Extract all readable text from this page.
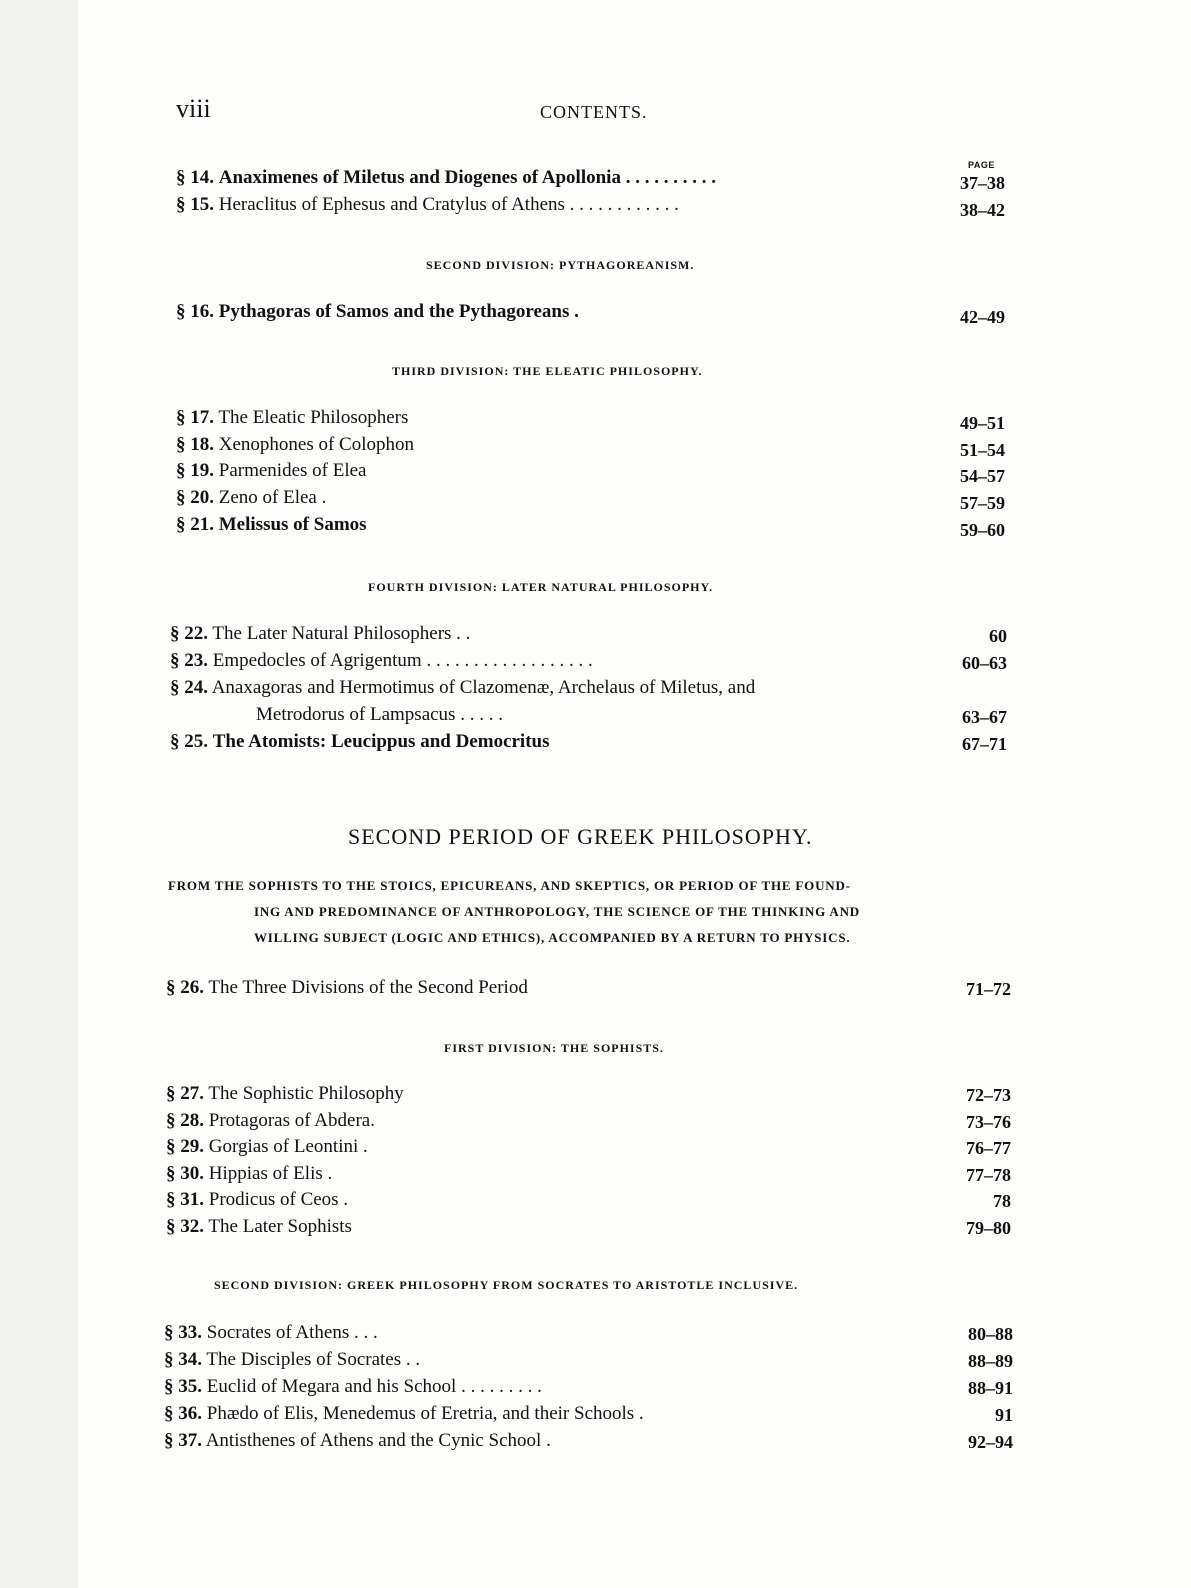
viii	CONTENTS.
PAGE
§ 14. Anaximenes of Miletus and Diogenes of Apollonia . . . . . . . . . .	37–38
§ 15. Heraclitus of Ephesus and Cratylus of Athens . . . . . . . . . . . .	38–42
SECOND DIVISION: PYTHAGOREANISM.
§ 16. Pythagoras of Samos and the Pythagoreans .	42–49
THIRD DIVISION: THE ELEATIC PHILOSOPHY.
§ 17. The Eleatic Philosophers	49–51
§ 18. Xenophones of Colophon	51–54
§ 19. Parmenides of Elea	54–57
§ 20. Zeno of Elea .	57–59
§ 21. Melissus of Samos	59–60
FOURTH DIVISION: LATER NATURAL PHILOSOPHY.
§ 22. The Later Natural Philosophers . .	60
§ 23. Empedocles of Agrigentum . . . . . . . . . . . . . . . . . .	60–63
§ 24. Anaxagoras and Hermotimus of Clazomenæ, Archelaus of Miletus, and
Metrodorus of Lampsacus . . . . .	63–67
§ 25. The Atomists: Leucippus and Democritus	67–71
SECOND PERIOD OF GREEK PHILOSOPHY.
FROM THE SOPHISTS TO THE STOICS, EPICUREANS, AND SKEPTICS, OR PERIOD OF THE FOUND-
ING AND PREDOMINANCE OF ANTHROPOLOGY, THE SCIENCE OF THE THINKING AND
WILLING SUBJECT (LOGIC AND ETHICS), ACCOMPANIED BY A RETURN TO PHYSICS.
§ 26. The Three Divisions of the Second Period	71–72
FIRST DIVISION: THE SOPHISTS.
§ 27. The Sophistic Philosophy	72–73
§ 28. Protagoras of Abdera.	73–76
§ 29. Gorgias of Leontini .	76–77
§ 30. Hippias of Elis .	77–78
§ 31. Prodicus of Ceos .	78
§ 32. The Later Sophists	79–80
SECOND DIVISION: GREEK PHILOSOPHY FROM SOCRATES TO ARISTOTLE INCLUSIVE.
§ 33. Socrates of Athens . . .	80–88
§ 34. The Disciples of Socrates . .	88–89
§ 35. Euclid of Megara and his School . . . . . . . . .	88–91
§ 36. Phædo of Elis, Menedemus of Eretria, and their Schools .	91
§ 37. Antisthenes of Athens and the Cynic School .	92–94
